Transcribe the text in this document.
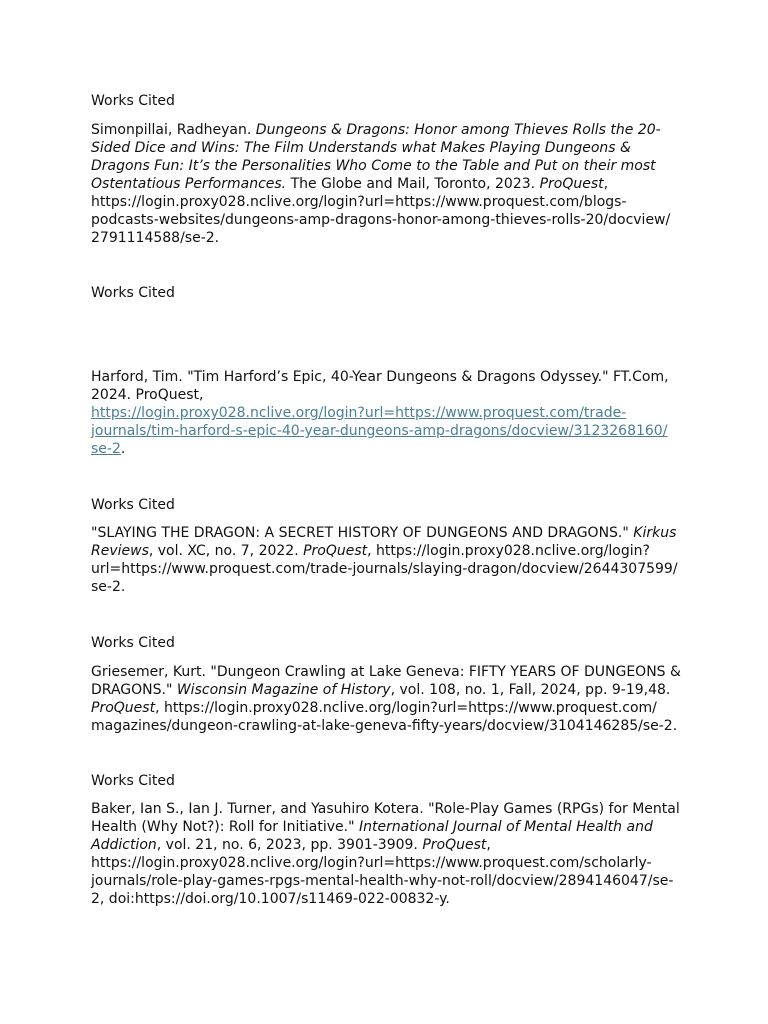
Works Cited
Simonpillai, Radheyan. Dungeons & Dragons: Honor among Thieves Rolls the 20-
Sided Dice and Wins: The Film Understands what Makes Playing Dungeons &
Dragons Fun: It’s the Personalities Who Come to the Table and Put on their most
Ostentatious Performances. The Globe and Mail, Toronto, 2023. ProQuest,
https://login.proxy028.nclive.org/login?url=https://www.proquest.com/blogs-
podcasts-websites/dungeons-amp-dragons-honor-among-thieves-rolls-20/docview/
2791114588/se-2.
Works Cited
Harford, Tim. "Tim Harford’s Epic, 40-Year Dungeons & Dragons Odyssey." FT.Com,
2024. ProQuest,
https://login.proxy028.nclive.org/login?url=https://www.proquest.com/trade-
journals/tim-harford-s-epic-40-year-dungeons-amp-dragons/docview/3123268160/
se-2.
Works Cited
"SLAYING THE DRAGON: A SECRET HISTORY OF DUNGEONS AND DRAGONS." Kirkus
Reviews, vol. XC, no. 7, 2022. ProQuest, https://login.proxy028.nclive.org/login?
url=https://www.proquest.com/trade-journals/slaying-dragon/docview/2644307599/
se-2.
Works Cited
Griesemer, Kurt. "Dungeon Crawling at Lake Geneva: FIFTY YEARS OF DUNGEONS &
DRAGONS." Wisconsin Magazine of History, vol. 108, no. 1, Fall, 2024, pp. 9-19,48.
ProQuest, https://login.proxy028.nclive.org/login?url=https://www.proquest.com/
magazines/dungeon-crawling-at-lake-geneva-fifty-years/docview/3104146285/se-2.
Works Cited
Baker, Ian S., Ian J. Turner, and Yasuhiro Kotera. "Role-Play Games (RPGs) for Mental
Health (Why Not?): Roll for Initiative." International Journal of Mental Health and
Addiction, vol. 21, no. 6, 2023, pp. 3901-3909. ProQuest,
https://login.proxy028.nclive.org/login?url=https://www.proquest.com/scholarly-
journals/role-play-games-rpgs-mental-health-why-not-roll/docview/2894146047/se-
2, doi:https://doi.org/10.1007/s11469-022-00832-y.
